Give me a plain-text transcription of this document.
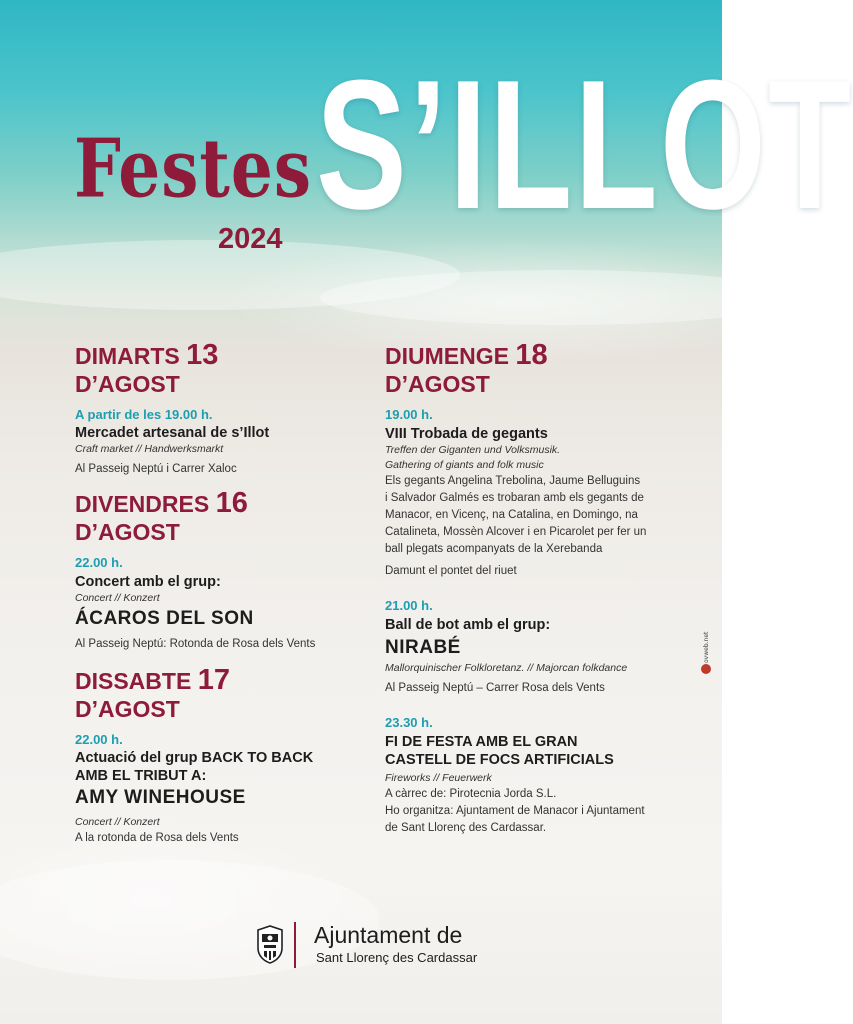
Festes
2024 S’ILLOT
DIMARTS 13
D’AGOST
A partir de les 19.00 h.
Mercadet artesanal de s’Illot
Craft market // Handwerksmarkt
Al Passeig Neptú i Carrer Xaloc
DIVENDRES 16
D’AGOST
22.00 h.
Concert amb el grup:
Concert // Konzert
ÁCAROS DEL SON
Al Passeig Neptú: Rotonda de Rosa dels Vents
DISSABTE 17
D’AGOST
22.00 h.
Actuació del grup BACK TO BACK
AMB EL TRIBUT A:
AMY WINEHOUSE
Concert // Konzert
A la rotonda de Rosa dels Vents
DIUMENGE 18
D’AGOST
19.00 h.
VIII Trobada de gegants
Treffen der Giganten und Volksmusik.
Gathering of giants and folk music
Els gegants Angelina Trebolina, Jaume Belluguins
i Salvador Galmés es trobaran amb els gegants de
Manacor, en Vicenç, na Catalina, en Domingo, na
Catalineta, Mossèn Alcover i en Picarolet per fer un
ball plegats acompanyats de la Xerebanda
Damunt el pontet del riuet
21.00 h.
Ball de bot amb el grup:
NIRABÉ
Mallorquinischer Folkloretanz. // Majorcan folkdance
Al Passeig Neptú – Carrer Rosa dels Vents
23.30 h.
FI DE FESTA AMB EL GRAN
CASTELL DE FOCS ARTIFICIALS
Fireworks // Feuerwerk
A càrrec de: Pirotecnia Jorda S.L.
Ho organitza: Ajuntament de Manacor i Ajuntament
de Sant Llorenç des Cardassar.
ovweb.net
Ajuntament de
Sant Llorenç des Cardassar
